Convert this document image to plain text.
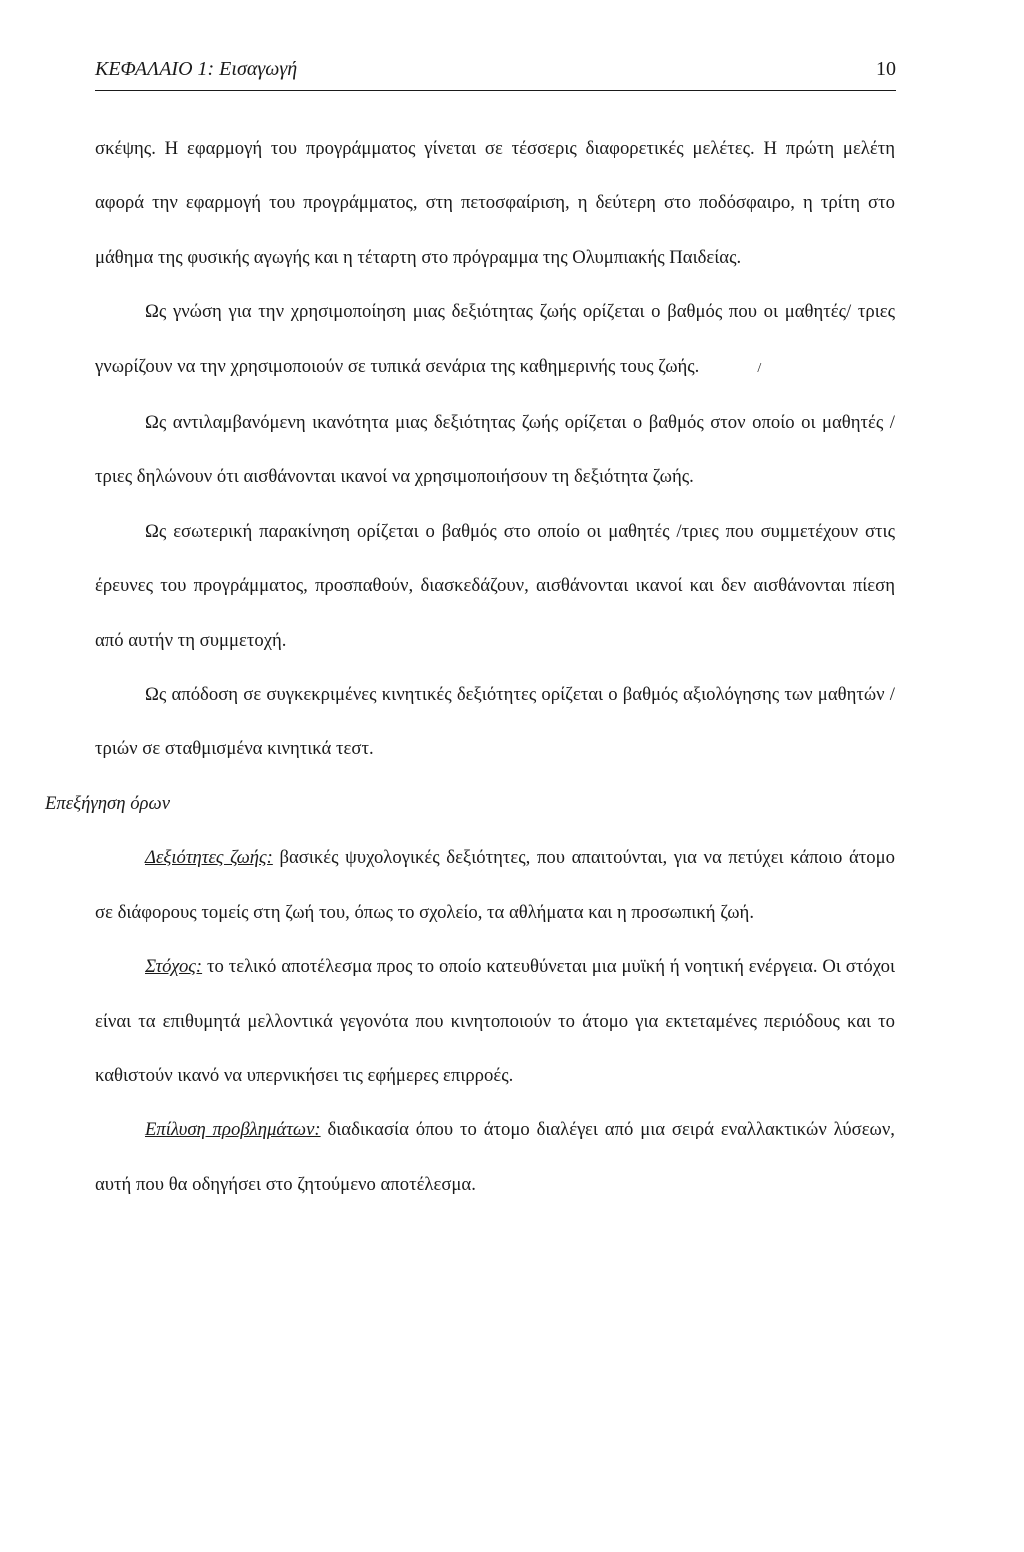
ΚΕΦΑΛΑΙΟ 1: Εισαγωγή	10

σκέψης. Η εφαρμογή του προγράμματος γίνεται σε τέσσερις διαφορετικές μελέτες. Η πρώτη μελέτη αφορά την εφαρμογή του προγράμματος, στη πετοσφαίριση, η δεύτερη στο ποδόσφαιρο, η τρίτη στο μάθημα της φυσικής αγωγής και η τέταρτη στο πρόγραμμα της Ολυμπιακής Παιδείας.

Ως γνώση για την χρησιμοποίηση μιας δεξιότητας ζωής ορίζεται ο βαθμός που οι μαθητές/ τριες γνωρίζουν να την χρησιμοποιούν σε τυπικά σενάρια της καθημερινής τους ζωής.	/

Ως αντιλαμβανόμενη ικανότητα μιας δεξιότητας ζωής ορίζεται ο βαθμός στον οποίο οι μαθητές /τριες δηλώνουν ότι αισθάνονται ικανοί να χρησιμοποιήσουν τη δεξιότητα ζωής.

Ως εσωτερική παρακίνηση ορίζεται ο βαθμός στο οποίο οι μαθητές /τριες που συμμετέχουν στις έρευνες του προγράμματος, προσπαθούν, διασκεδάζουν, αισθάνονται ικανοί και δεν αισθάνονται πίεση από αυτήν τη συμμετοχή.

Ως απόδοση σε συγκεκριμένες κινητικές δεξιότητες ορίζεται ο βαθμός αξιολόγησης των μαθητών /τριών σε σταθμισμένα κινητικά τεστ.

Επεξήγηση όρων

Δεξιότητες ζωής: βασικές ψυχολογικές δεξιότητες, που απαιτούνται, για να πετύχει κάποιο άτομο σε διάφορους τομείς στη ζωή του, όπως το σχολείο, τα αθλήματα και η προσωπική ζωή.

Στόχος: το τελικό αποτέλεσμα προς το οποίο κατευθύνεται μια μυϊκή ή νοητική ενέργεια. Οι στόχοι είναι τα επιθυμητά μελλοντικά γεγονότα που κινητοποιούν το άτομο για εκτεταμένες περιόδους και το καθιστούν ικανό να υπερνικήσει τις εφήμερες επιρροές.

Επίλυση προβλημάτων: διαδικασία όπου το άτομο διαλέγει από μια σειρά εναλλακτικών λύσεων, αυτή που θα οδηγήσει στο ζητούμενο αποτέλεσμα.
